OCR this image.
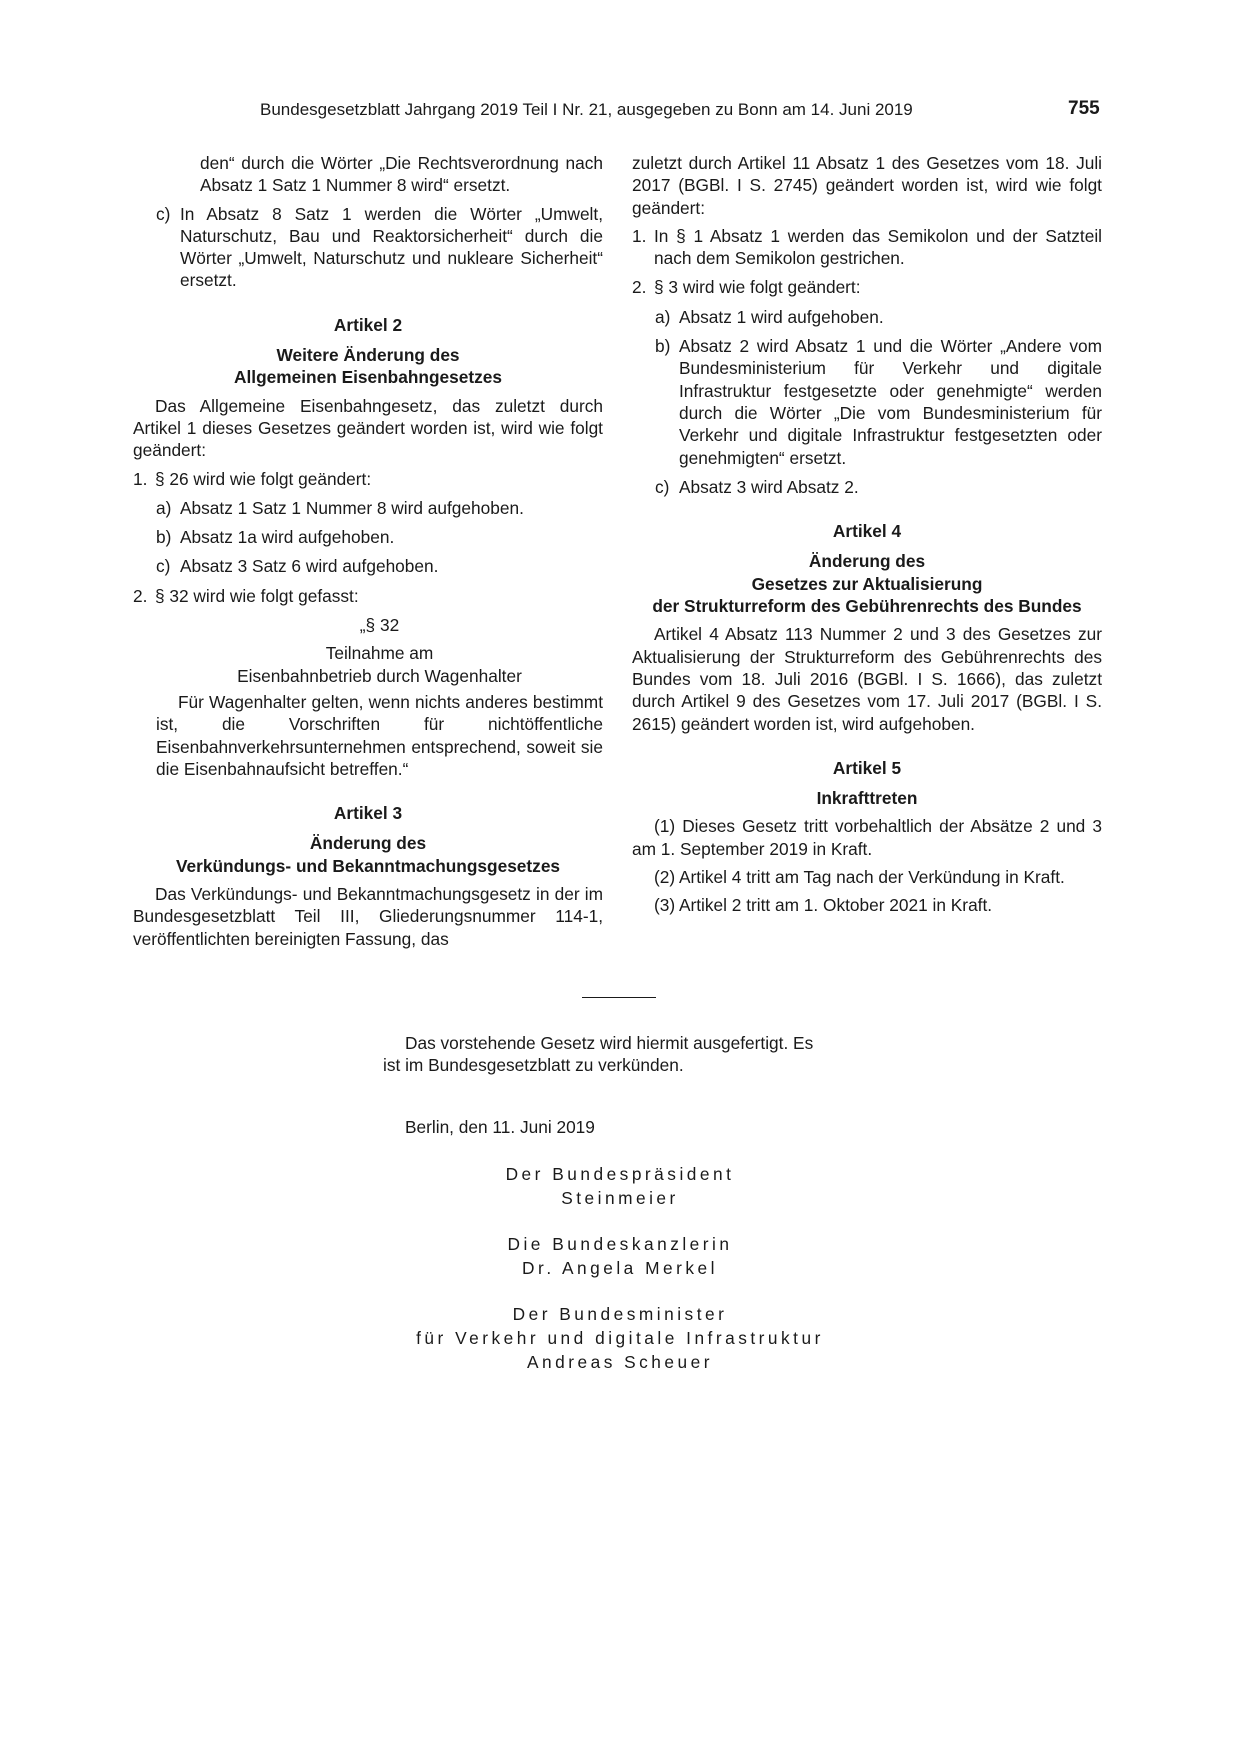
Bundesgesetzblatt Jahrgang 2019 Teil I Nr. 21, ausgegeben zu Bonn am 14. Juni 2019	755

den“ durch die Wörter „Die Rechtsverordnung nach Absatz 1 Satz 1 Nummer 8 wird“ ersetzt.

c) In Absatz 8 Satz 1 werden die Wörter „Umwelt, Naturschutz, Bau und Reaktorsicherheit“ durch die Wörter „Umwelt, Naturschutz und nukleare Sicherheit“ ersetzt.

Artikel 2

Weitere Änderung des

Allgemeinen Eisenbahngesetzes

Das Allgemeine Eisenbahngesetz, das zuletzt durch Artikel 1 dieses Gesetzes geändert worden ist, wird wie folgt geändert:

1. § 26 wird wie folgt geändert:
a) Absatz 1 Satz 1 Nummer 8 wird aufgehoben.
b) Absatz 1a wird aufgehoben.
c) Absatz 3 Satz 6 wird aufgehoben.
2. § 32 wird wie folgt gefasst:

„§ 32

Teilnahme am

Eisenbahnbetrieb durch Wagenhalter

Für Wagenhalter gelten, wenn nichts anderes bestimmt ist, die Vorschriften für nichtöffentliche Eisenbahnverkehrsunternehmen entsprechend, soweit sie die Eisenbahnaufsicht betreffen.“

Artikel 3

Änderung des

Verkündungs- und Bekanntmachungsgesetzes

Das Verkündungs- und Bekanntmachungsgesetz in der im Bundesgesetzblatt Teil III, Gliederungsnummer 114-1, veröffentlichten bereinigten Fassung, das

zuletzt durch Artikel 11 Absatz 1 des Gesetzes vom 18. Juli 2017 (BGBl. I S. 2745) geändert worden ist, wird wie folgt geändert:

1. In § 1 Absatz 1 werden das Semikolon und der Satzteil nach dem Semikolon gestrichen.
2. § 3 wird wie folgt geändert:
a) Absatz 1 wird aufgehoben.
b) Absatz 2 wird Absatz 1 und die Wörter „Andere vom Bundesministerium für Verkehr und digitale Infrastruktur festgesetzte oder genehmigte“ werden durch die Wörter „Die vom Bundesministerium für Verkehr und digitale Infrastruktur festgesetzten oder genehmigten“ ersetzt.
c) Absatz 3 wird Absatz 2.

Artikel 4

Änderung des

Gesetzes zur Aktualisierung

der Strukturreform des Gebührenrechts des Bundes

Artikel 4 Absatz 113 Nummer 2 und 3 des Gesetzes zur Aktualisierung der Strukturreform des Gebührenrechts des Bundes vom 18. Juli 2016 (BGBl. I S. 1666), das zuletzt durch Artikel 9 des Gesetzes vom 17. Juli 2017 (BGBl. I S. 2615) geändert worden ist, wird aufgehoben.

Artikel 5

Inkrafttreten

(1) Dieses Gesetz tritt vorbehaltlich der Absätze 2 und 3 am 1. September 2019 in Kraft.

(2) Artikel 4 tritt am Tag nach der Verkündung in Kraft.

(3) Artikel 2 tritt am 1. Oktober 2021 in Kraft.

Das vorstehende Gesetz wird hiermit ausgefertigt. Es

ist im Bundesgesetzblatt zu verkünden.

Berlin, den 11. Juni 2019

Der Bundespräsident

Steinmeier

Die Bundeskanzlerin

Dr. Angela Merkel

Der Bundesminister

für Verkehr und digitale Infrastruktur

Andreas Scheuer
